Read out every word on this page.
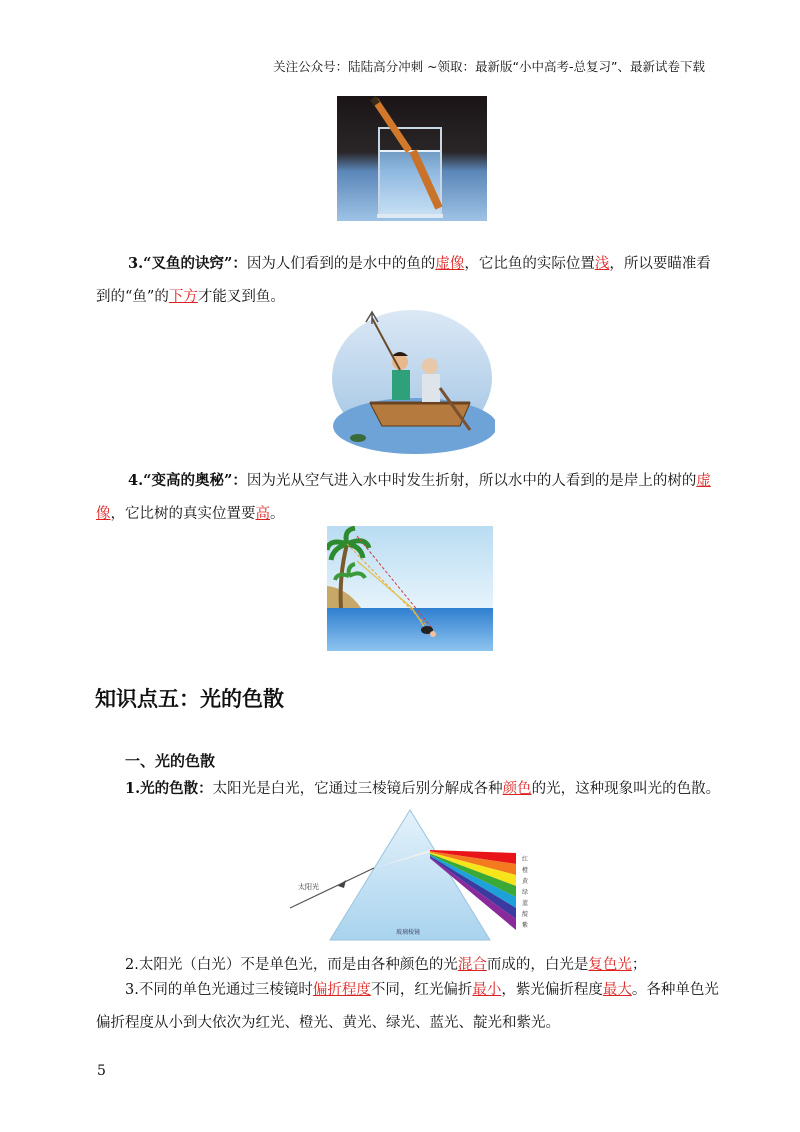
关注公众号：陆陆高分冲刺 ~领取：最新版“小中高考-总复习”、最新试卷下载
3.“叉鱼的诀窍”：因为人们看到的是水中的鱼的虚像，它比鱼的实际位置浅，所以要瞄准看
到的“鱼”的下方才能叉到鱼。
4.“变高的奥秘”：因为光从空气进入水中时发生折射，所以水中的人看到的是岸上的树的虚
像，它比树的真实位置要高。
知识点五：光的色散
一、光的色散
1.光的色散：太阳光是白光，它通过三棱镜后别分解成各种颜色的光，这种现象叫光的色散。
太阳光
玻璃棱镜
红
橙
黄
绿
蓝
靛
紫
2.太阳光（白光）不是单色光，而是由各种颜色的光混合而成的，白光是复色光；
3.不同的单色光通过三棱镜时偏折程度不同，红光偏折最小，紫光偏折程度最大。各种单色光
偏折程度从小到大依次为红光、橙光、黄光、绿光、蓝光、靛光和紫光。
5
